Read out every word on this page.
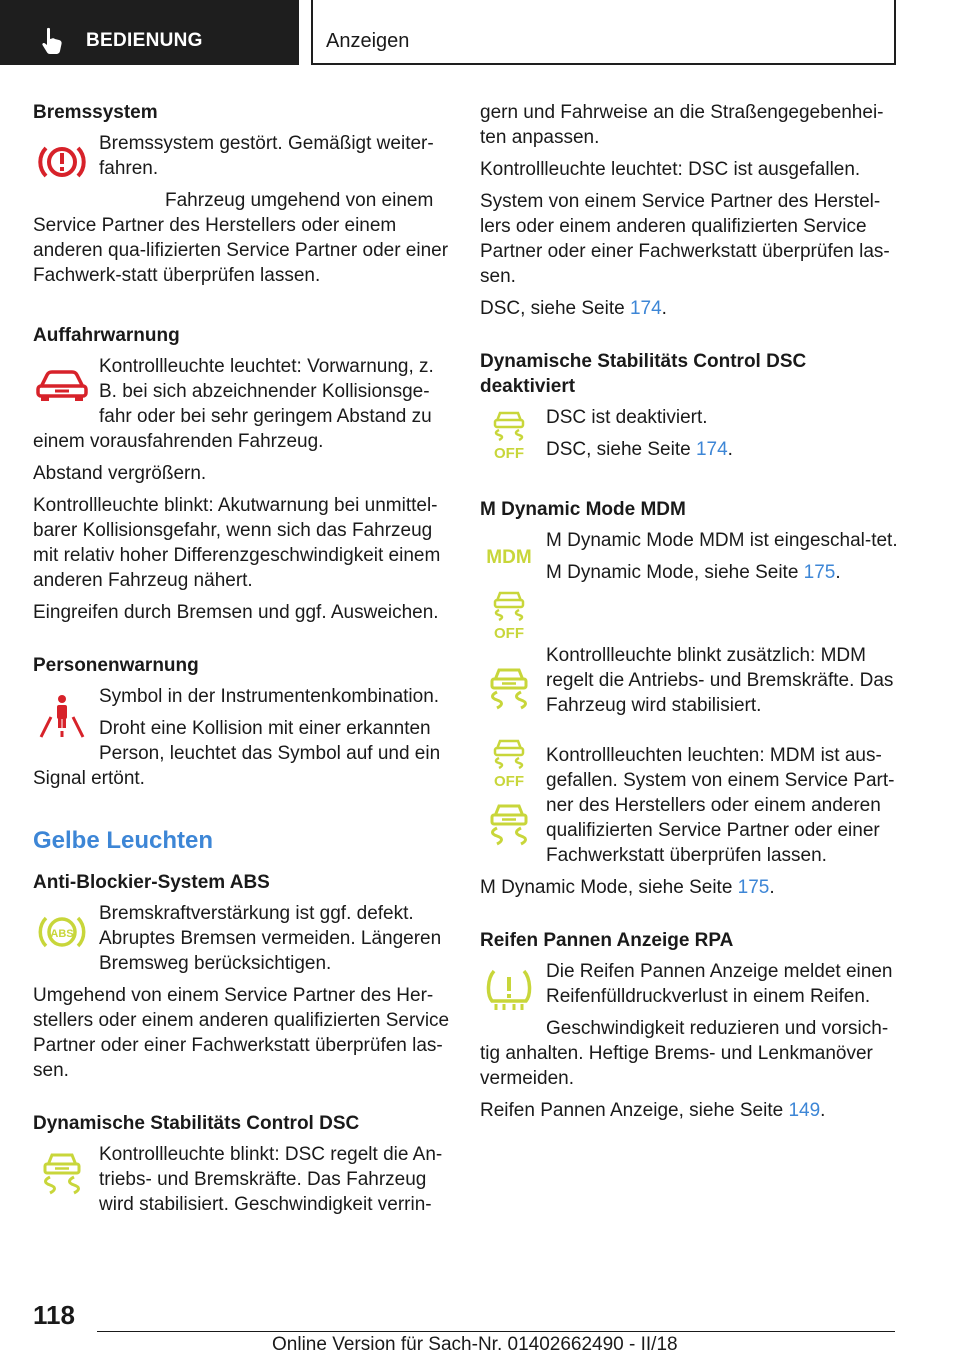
BEDIENUNG	Anzeigen
Bremssystem

Bremssystem gestört. Gemäßigt weiter-fahren.

Fahrzeug umgehend von einem Service Partner des Herstellers oder einem anderen qua-lifizierten Service Partner oder einer Fachwerk-statt überprüfen lassen.

Auffahrwarnung

Kontrollleuchte leuchtet: Vorwarnung, z. B. bei sich abzeichnender Kollisionsge-fahr oder bei sehr geringem Abstand zu einem vorausfahrenden Fahrzeug.

Abstand vergrößern.

Kontrollleuchte blinkt: Akutwarnung bei unmittel-barer Kollisionsgefahr, wenn sich das Fahrzeug mit relativ hoher Differenzgeschwindigkeit einem anderen Fahrzeug nähert.

Eingreifen durch Bremsen und ggf. Ausweichen.

Personenwarnung

Symbol in der Instrumentenkombination.

Droht eine Kollision mit einer erkannten Person, leuchtet das Symbol auf und ein Signal ertönt.

Gelbe Leuchten
Anti-Blockier-System ABS
ABS

Bremskraftverstärkung ist ggf. defekt. Abruptes Bremsen vermeiden. Längeren Bremsweg berücksichtigen.

Umgehend von einem Service Partner des Her-stellers oder einem anderen qualifizierten Service Partner oder einer Fachwerkstatt überprüfen las-sen.

Dynamische Stabilitäts Control DSC

Kontrollleuchte blinkt: DSC regelt die An-triebs- und Bremskräfte. Das Fahrzeug wird stabilisiert. Geschwindigkeit verrin-

gern und Fahrweise an die Straßengegebenhei-ten anpassen.

Kontrollleuchte leuchtet: DSC ist ausgefallen.

System von einem Service Partner des Herstel-lers oder einem anderen qualifizierten Service Partner oder einer Fachwerkstatt überprüfen las-sen.

DSC, siehe Seite 174.

Dynamische Stabilitäts Control DSC deaktiviert
OFF

DSC ist deaktiviert.

DSC, siehe Seite 174.

M Dynamic Mode MDM
MDM
OFF
OFF

M Dynamic Mode MDM ist eingeschal-tet.

M Dynamic Mode, siehe Seite 175.

Kontrollleuchte blinkt zusätzlich: MDM regelt die Antriebs- und Bremskräfte. Das Fahrzeug wird stabilisiert.

Kontrollleuchten leuchten: MDM ist aus-gefallen. System von einem Service Part-ner des Herstellers oder einem anderen qualifizierten Service Partner oder einer Fachwerkstatt überprüfen lassen.

M Dynamic Mode, siehe Seite 175.

Reifen Pannen Anzeige RPA

Die Reifen Pannen Anzeige meldet einen Reifenfülldruckverlust in einem Reifen.

Geschwindigkeit reduzieren und vorsich-tig anhalten. Heftige Brems- und Lenkmanöver vermeiden.

Reifen Pannen Anzeige, siehe Seite 149.

118
Online Version für Sach-Nr. 01402662490 - II/18
